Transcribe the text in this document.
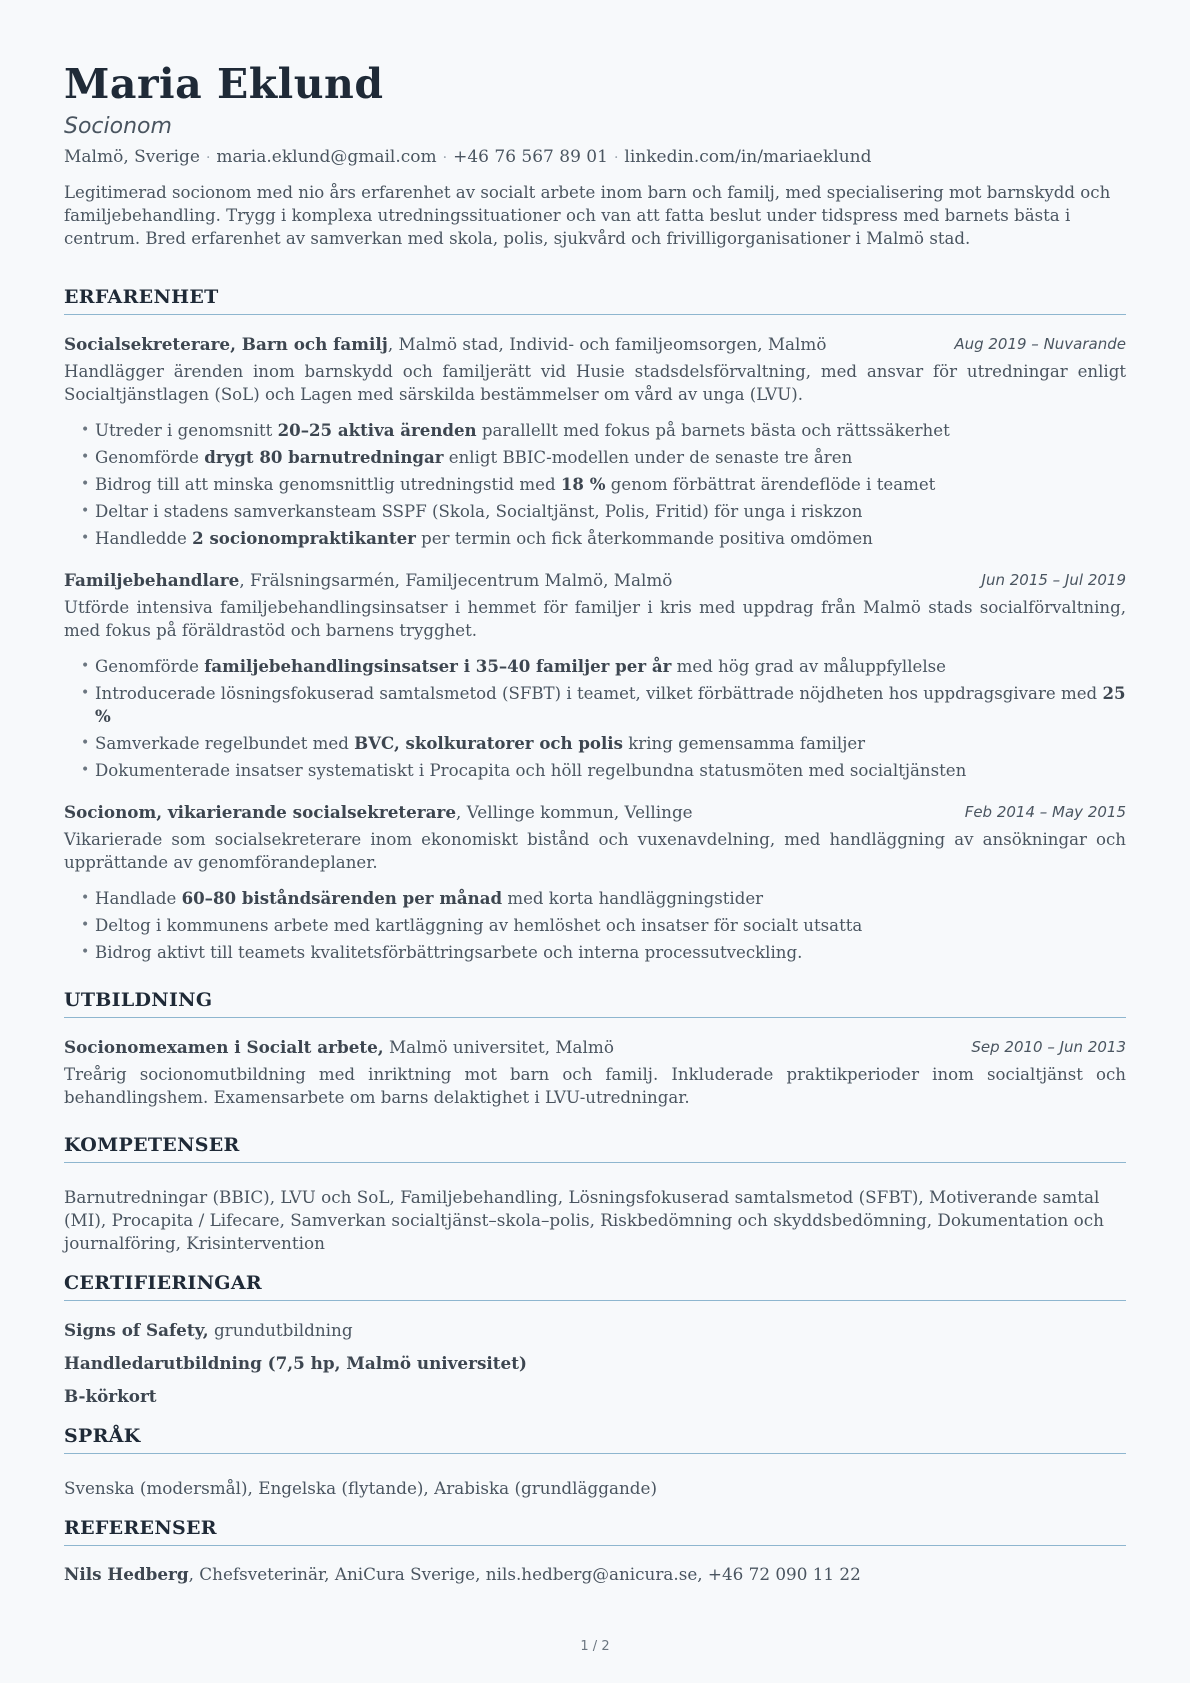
Maria Eklund
Socionom
Malmö, Sverige · maria.eklund@gmail.com · +46 76 567 89 01 · linkedin.com/in/mariaeklund
Legitimerad socionom med nio års erfarenhet av socialt arbete inom barn och familj, med specialisering mot barnskydd och familjebehandling. Trygg i komplexa utredningssituationer och van att fatta beslut under tidspress med barnets bästa i centrum. Bred erfarenhet av samverkan med skola, polis, sjukvård och frivilligorganisationer i Malmö stad.
ERFARENHET
Socialsekreterare, Barn och familj, Malmö stad, Individ- och familjeomsorgen, Malmö	Aug 2019 – Nuvarande
Handlägger ärenden inom barnskydd och familjerätt vid Husie stadsdelsförvaltning, med ansvar för utredningar enligt Socialtjänstlagen (SoL) och Lagen med särskilda bestämmelser om vård av unga (LVU).
• Utreder i genomsnitt 20–25 aktiva ärenden parallellt med fokus på barnets bästa och rättssäkerhet
• Genomförde drygt 80 barnutredningar enligt BBIC-modellen under de senaste tre åren
• Bidrog till att minska genomsnittlig utredningstid med 18 % genom förbättrat ärendeflöde i teamet
• Deltar i stadens samverkansteam SSPF (Skola, Socialtjänst, Polis, Fritid) för unga i riskzon
• Handledde 2 socionompraktikanter per termin och fick återkommande positiva omdömen
Familjebehandlare, Frälsningsarmén, Familjecentrum Malmö, Malmö	Jun 2015 – Jul 2019
Utförde intensiva familjebehandlingsinsatser i hemmet för familjer i kris med uppdrag från Malmö stads socialförvaltning, med fokus på föräldrastöd och barnens trygghet.
• Genomförde familjebehandlingsinsatser i 35–40 familjer per år med hög grad av måluppfyllelse
• Introducerade lösningsfokuserad samtalsmetod (SFBT) i teamet, vilket förbättrade nöjdheten hos uppdragsgivare med 25 %
• Samverkade regelbundet med BVC, skolkuratorer och polis kring gemensamma familjer
• Dokumenterade insatser systematiskt i Procapita och höll regelbundna statusmöten med socialtjänsten
Socionom, vikarierande socialsekreterare, Vellinge kommun, Vellinge	Feb 2014 – May 2015
Vikarierade som socialsekreterare inom ekonomiskt bistånd och vuxenavdelning, med handläggning av ansökningar och upprättande av genomförandeplaner.
• Handlade 60–80 biståndsärenden per månad med korta handläggningstider
• Deltog i kommunens arbete med kartläggning av hemlöshet och insatser för socialt utsatta
• Bidrog aktivt till teamets kvalitetsförbättringsarbete och interna processutveckling.
UTBILDNING
Socionomexamen i Socialt arbete, Malmö universitet, Malmö	Sep 2010 – Jun 2013
Treårig socionomutbildning med inriktning mot barn och familj. Inkluderade praktikperioder inom socialtjänst och behandlingshem. Examensarbete om barns delaktighet i LVU-utredningar.
KOMPETENSER
Barnutredningar (BBIC), LVU och SoL, Familjebehandling, Lösningsfokuserad samtalsmetod (SFBT), Motiverande samtal (MI), Procapita / Lifecare, Samverkan socialtjänst–skola–polis, Riskbedömning och skyddsbedömning, Dokumentation och journalföring, Krisintervention
CERTIFIERINGAR
Signs of Safety, grundutbildning
Handledarutbildning (7,5 hp, Malmö universitet)
B-körkort
SPRÅK
Svenska (modersmål), Engelska (flytande), Arabiska (grundläggande)
REFERENSER
Nils Hedberg, Chefsveterinär, AniCura Sverige, nils.hedberg@anicura.se, +46 72 090 11 22
1 / 2
